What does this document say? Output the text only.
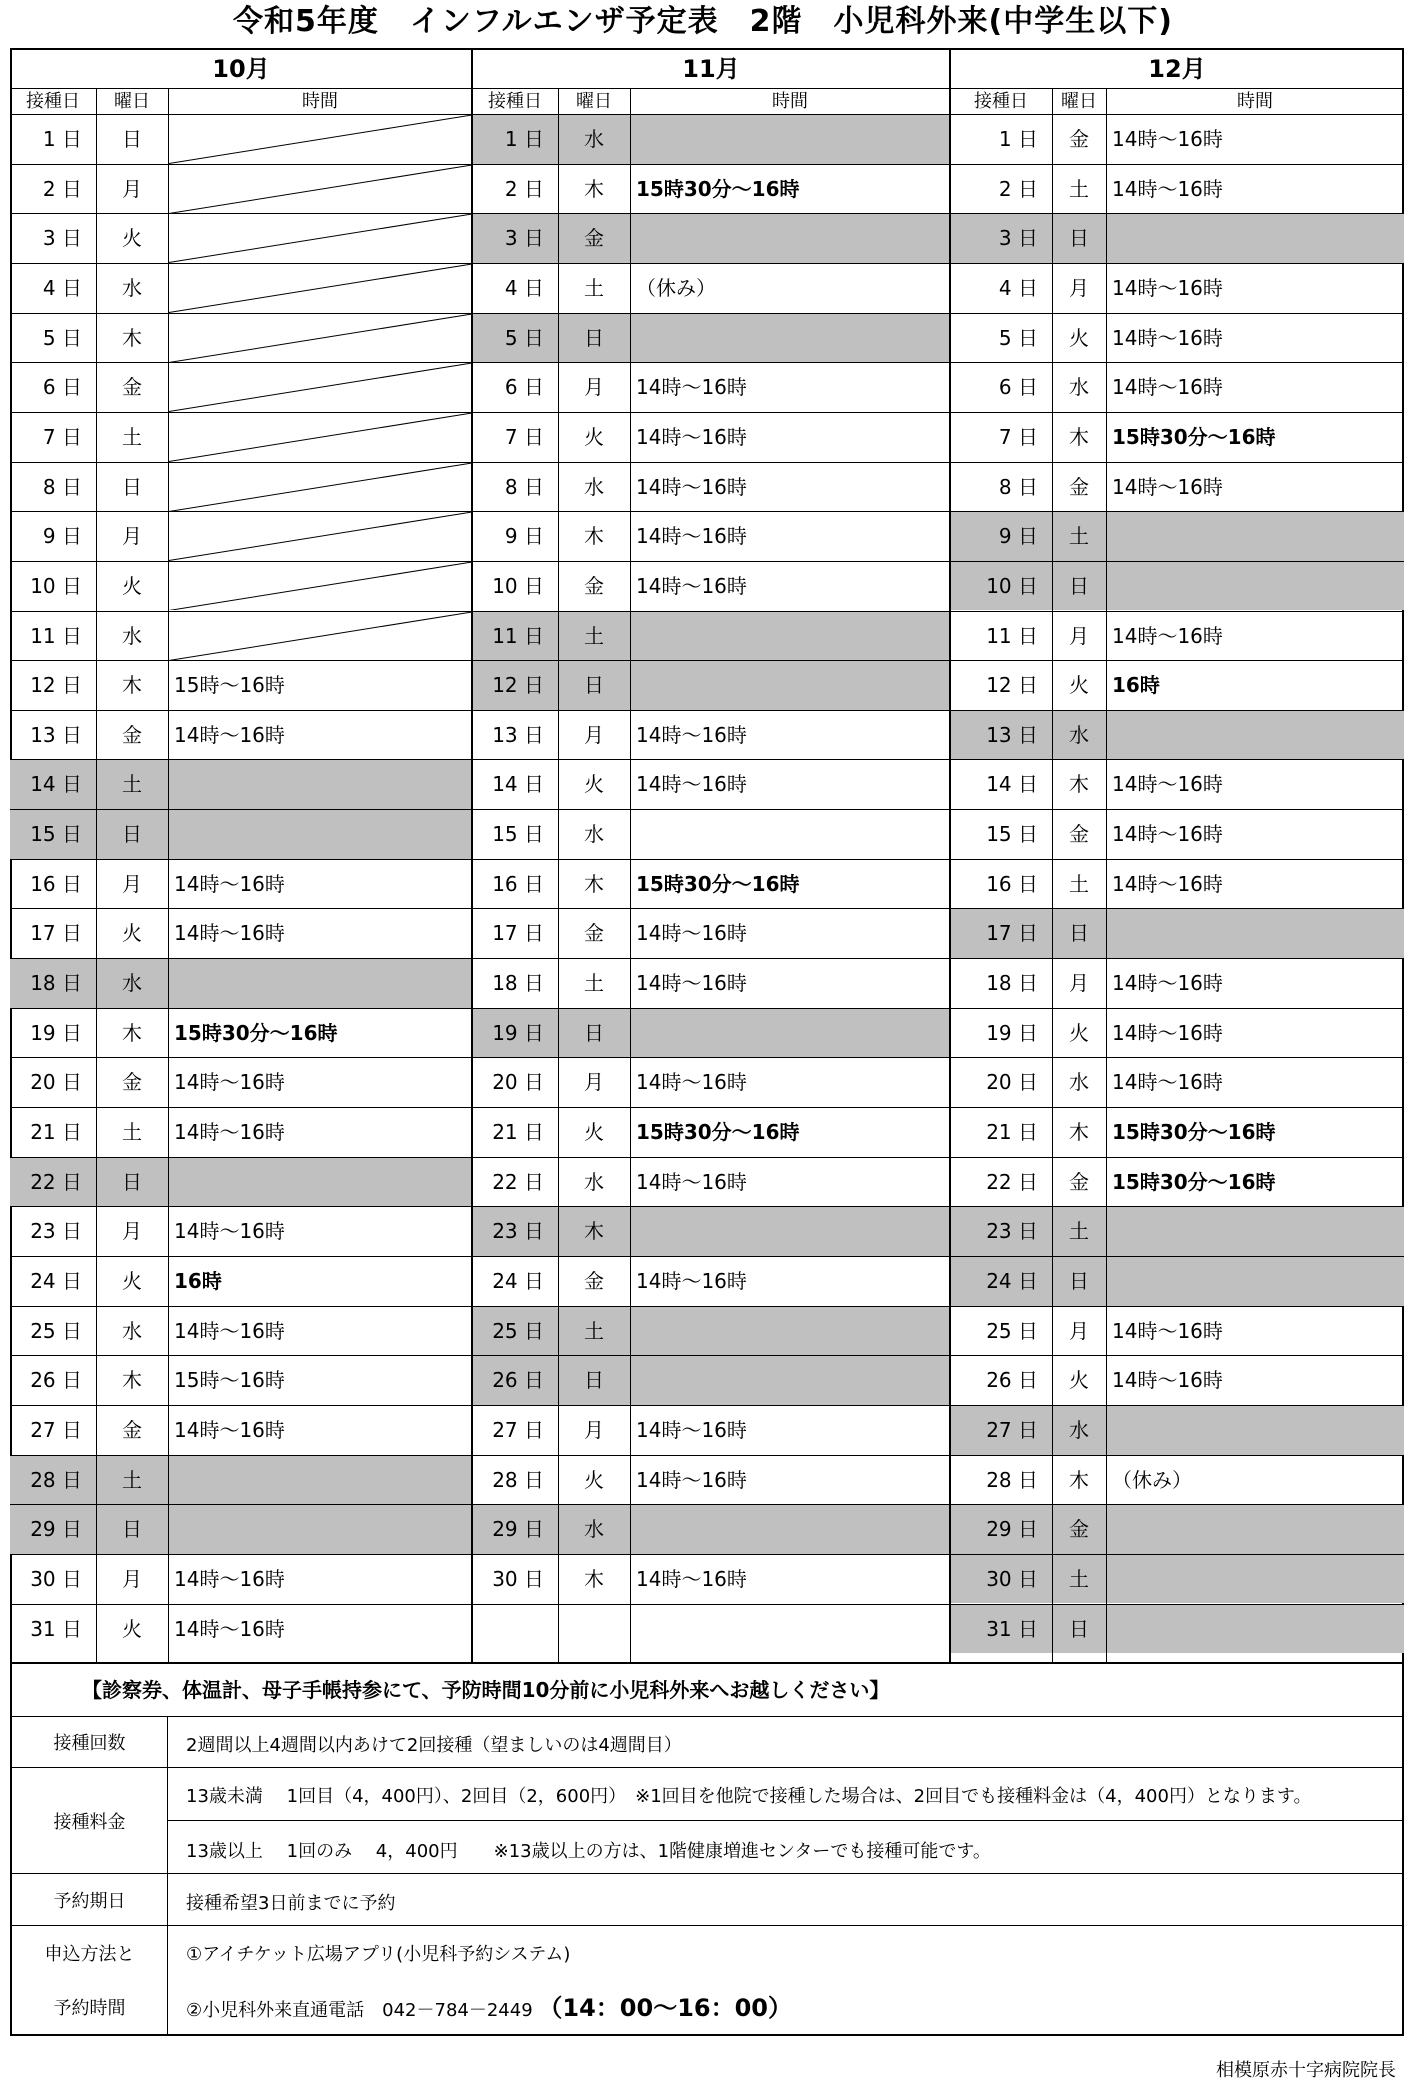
令和5年度　インフルエンザ予定表　2階　小児科外来(中学生以下)
10月
接種日	曜日	時間
1 日	日
2 日	月
3 日	火
4 日	水
5 日	木
6 日	金
7 日	土
8 日	日
9 日	月
10 日	火
11 日	水
12 日	木	15時～16時
13 日	金	14時～16時
14 日	土
15 日	日
16 日	月	14時～16時
17 日	火	14時～16時
18 日	水
19 日	木	15時30分～16時
20 日	金	14時～16時
21 日	土	14時～16時
22 日	日
23 日	月	14時～16時
24 日	火	16時
25 日	水	14時～16時
26 日	木	15時～16時
27 日	金	14時～16時
28 日	土
29 日	日
30 日	月	14時～16時
31 日	火	14時～16時
11月
接種日	曜日	時間
1 日	水
2 日	木	15時30分～16時
3 日	金
4 日	土	（休み）
5 日	日
6 日	月	14時～16時
7 日	火	14時～16時
8 日	水	14時～16時
9 日	木	14時～16時
10 日	金	14時～16時
11 日	土
12 日	日
13 日	月	14時～16時
14 日	火	14時～16時
15 日	水
16 日	木	15時30分～16時
17 日	金	14時～16時
18 日	土	14時～16時
19 日	日
20 日	月	14時～16時
21 日	火	15時30分～16時
22 日	水	14時～16時
23 日	木
24 日	金	14時～16時
25 日	土
26 日	日
27 日	月	14時～16時
28 日	火	14時～16時
29 日	水
30 日	木	14時～16時
12月
接種日	曜日	時間
1 日	金	14時～16時
2 日	土	14時～16時
3 日	日
4 日	月	14時～16時
5 日	火	14時～16時
6 日	水	14時～16時
7 日	木	15時30分～16時
8 日	金	14時～16時
9 日	土
10 日	日
11 日	月	14時～16時
12 日	火	16時
13 日	水
14 日	木	14時～16時
15 日	金	14時～16時
16 日	土	14時～16時
17 日	日
18 日	月	14時～16時
19 日	火	14時～16時
20 日	水	14時～16時
21 日	木	15時30分～16時
22 日	金	15時30分～16時
23 日	土
24 日	日
25 日	月	14時～16時
26 日	火	14時～16時
27 日	水
28 日	木	（休み）
29 日	金
30 日	土
31 日	日
【診察券、体温計、母子手帳持参にて、予防時間10分前に小児科外来へお越しください】
接種回数	2週間以上4週間以内あけて2回接種（望ましいのは4週間目）
接種料金
13歳未満　 1回目（4，400円）、2回目（2，600円）　※1回目を他院で接種した場合は、2回目でも接種料金は（4，400円）となります。
13歳以上　 1回のみ　 4，400円　　※13歳以上の方は、1階健康増進センターでも接種可能です。
予約期日	接種希望3日前までに予約
申込方法と
予約時間
①アイチケット広場アプリ(小児科予約システム)
②小児科外来直通電話　042－784－2449 （14：00～16：00）
相模原赤十字病院院長
